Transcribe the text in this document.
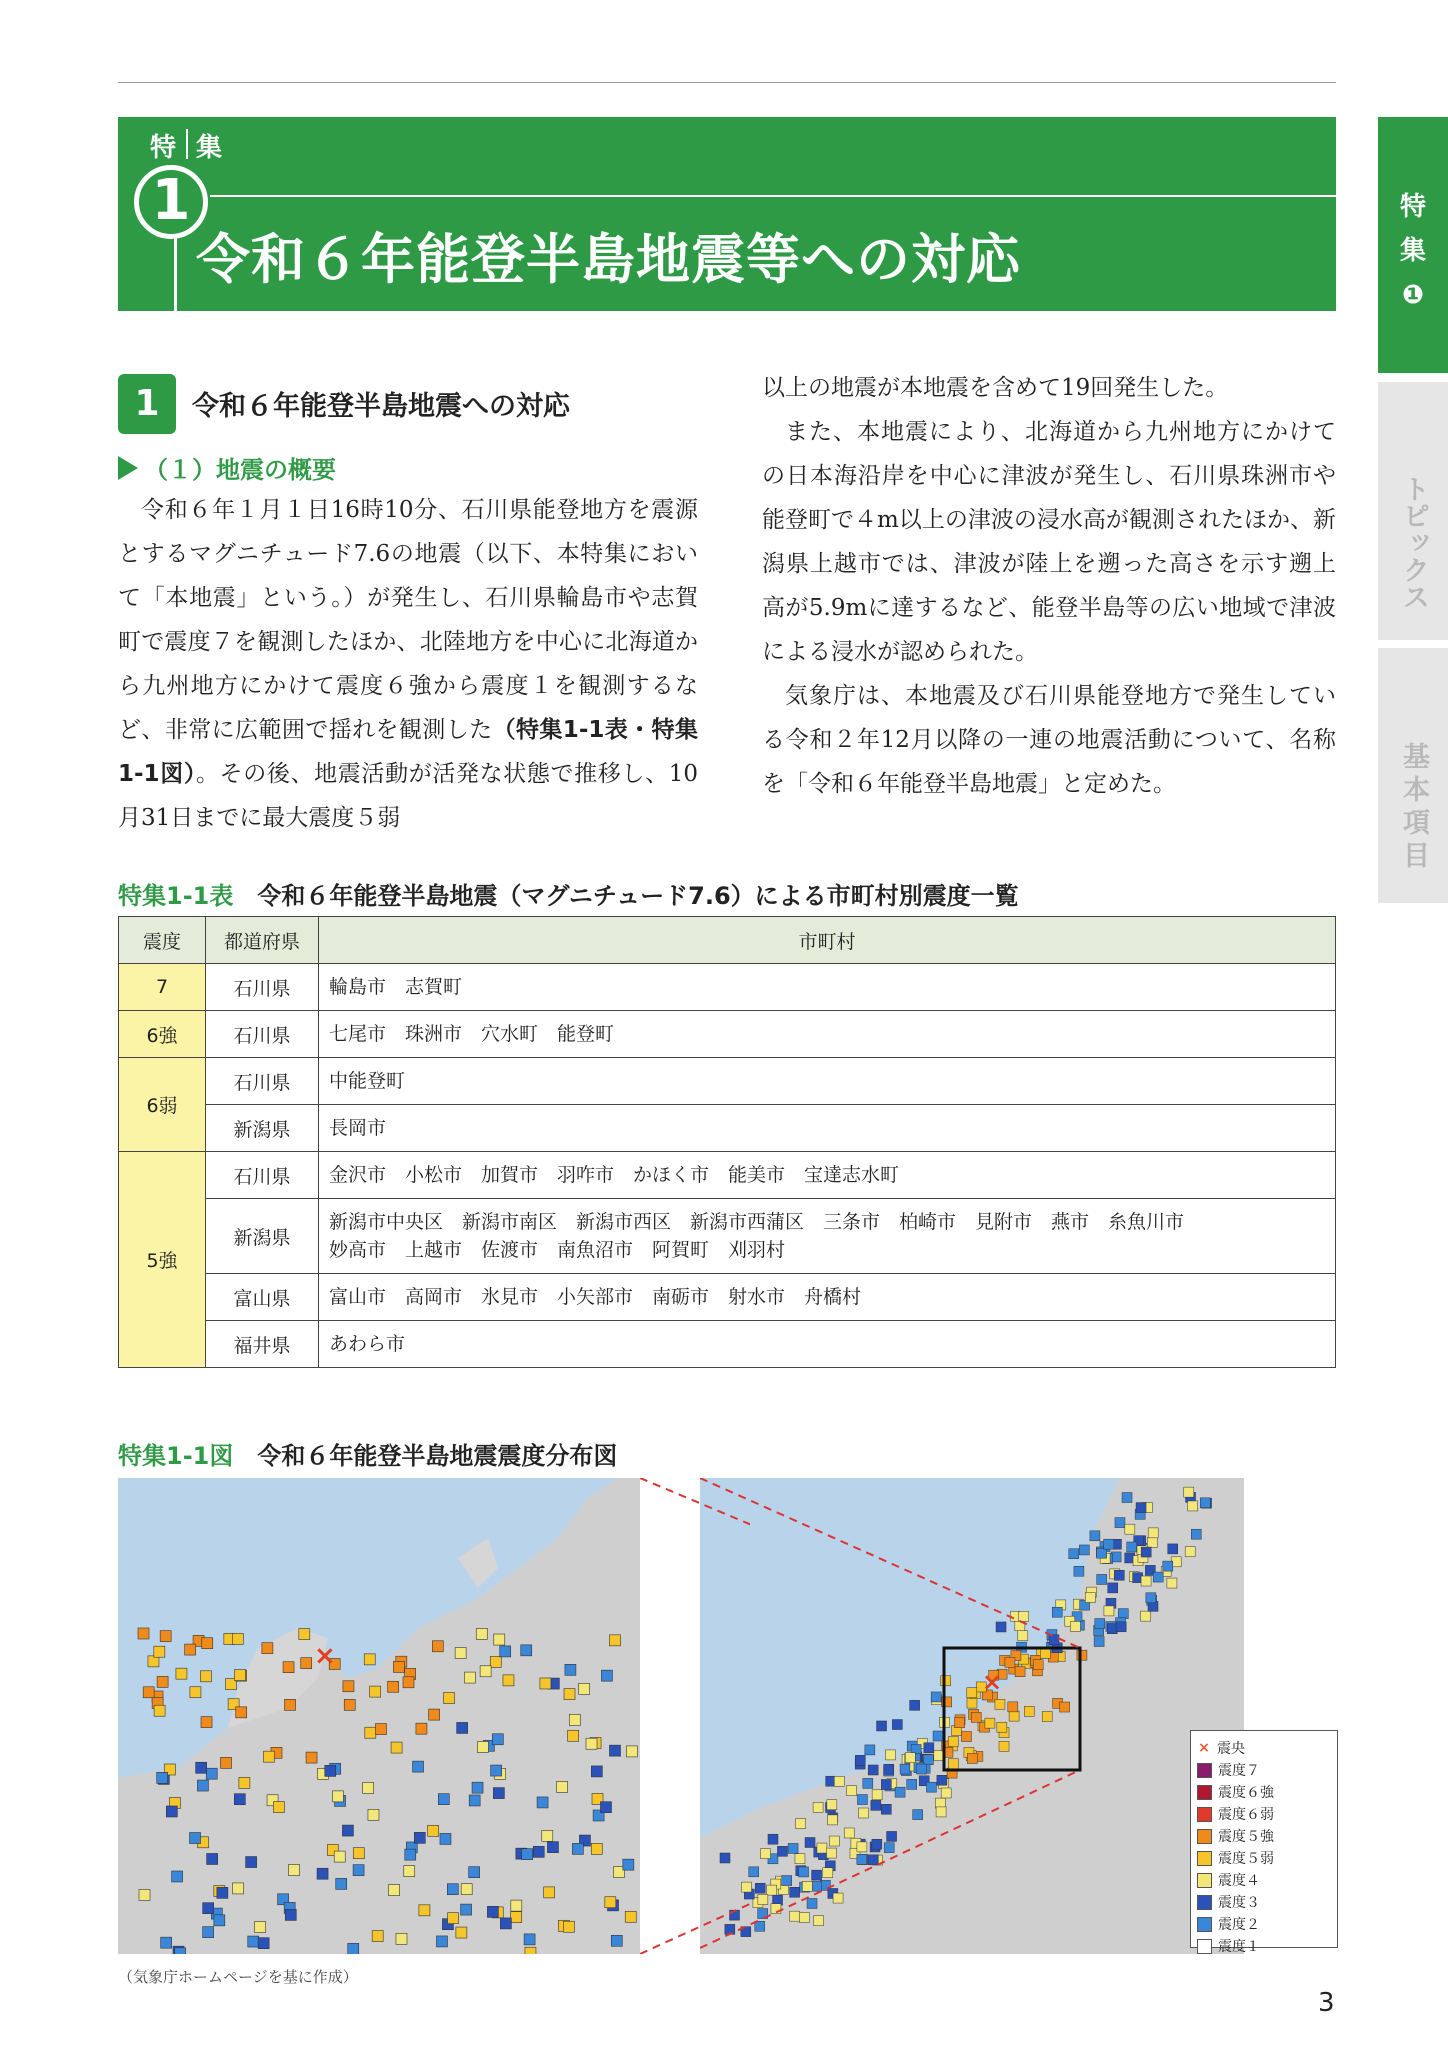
特 集
1
令和６年能登半島地震等への対応
特
集
❶
トピックス
基本項目
1	令和６年能登半島地震への対応
（１）地震の概要

令和６年１月１日16時10分、石川県能登地方を震源とするマグニチュード7.6の地震（以下、本特集において「本地震」という。）が発生し、石川県輪島市や志賀町で震度７を観測したほか、北陸地方を中心に北海道から九州地方にかけて震度６強から震度１を観測するなど、非常に広範囲で揺れを観測した（特集1-1表・特集1-1図）。その後、地震活動が活発な状態で推移し、10月31日までに最大震度５弱

以上の地震が本地震を含めて19回発生した。

また、本地震により、北海道から九州地方にかけての日本海沿岸を中心に津波が発生し、石川県珠洲市や能登町で４m以上の津波の浸水高が観測されたほか、新潟県上越市では、津波が陸上を遡った高さを示す遡上高が5.9mに達するなど、能登半島等の広い地域で津波による浸水が認められた。

気象庁は、本地震及び石川県能登地方で発生している令和２年12月以降の一連の地震活動について、名称を「令和６年能登半島地震」と定めた。

特集1-1表 令和６年能登半島地震（マグニチュード7.6）による市町村別震度一覧
震度	都道府県	市町村
7	石川県	輪島市　志賀町
6強	石川県	七尾市　珠洲市　穴水町　能登町
6弱	石川県	中能登町
	新潟県	長岡市
5強	石川県	金沢市　小松市　加賀市　羽咋市　かほく市　能美市　宝達志水町
	新潟県	新潟市中央区　新潟市南区　新潟市西区　新潟市西蒲区　三条市　柏崎市　見附市　燕市　糸魚川市
妙高市　上越市　佐渡市　南魚沼市　阿賀町　刈羽村

	富山県	富山市　高岡市　氷見市　小矢部市　南砺市　射水市　舟橋村
	福井県	あわら市
特集1-1図 令和６年能登半島地震震度分布図
×
×
× 震央
震度７
震度６強
震度６弱
震度５強
震度５弱
震度４
震度３
震度２
震度１
（気象庁ホームページを基に作成）
3
